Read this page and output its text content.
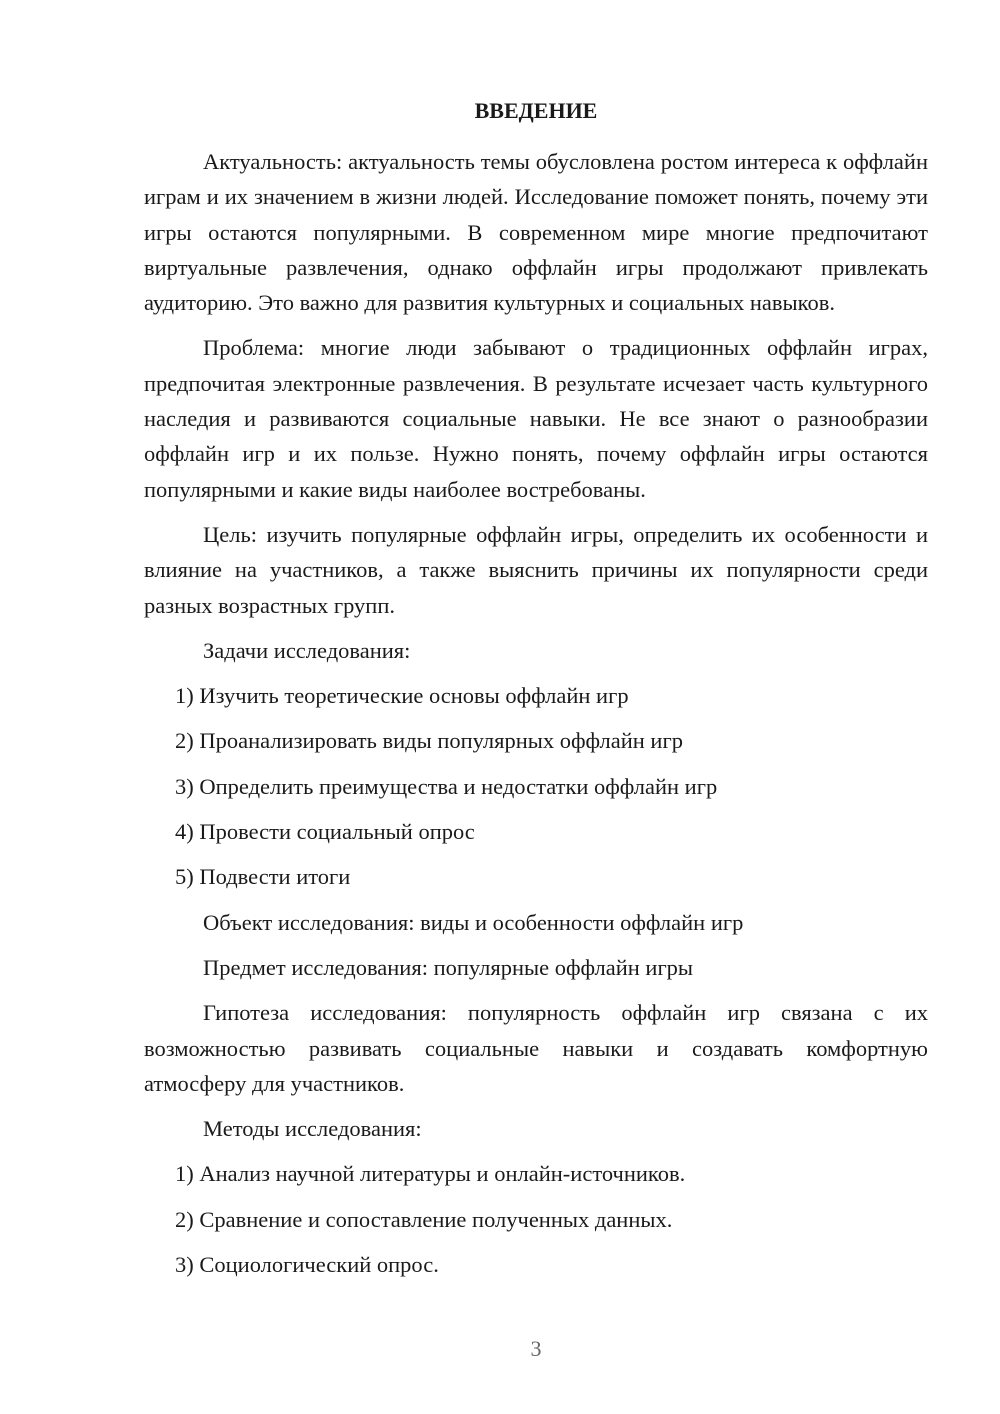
ВВЕДЕНИЕ

Актуальность: актуальность темы обусловлена ростом интереса к оффлайн играм и их значением в жизни людей. Исследование поможет понять, почему эти игры остаются популярными. В современном мире многие предпочитают виртуальные развлечения, однако оффлайн игры продолжают привлекать аудиторию. Это важно для развития культурных и социальных навыков.

Проблема: многие люди забывают о традиционных оффлайн играх, предпочитая электронные развлечения. В результате исчезает часть культурного наследия и развиваются социальные навыки. Не все знают о разнообразии оффлайн игр и их пользе. Нужно понять, почему оффлайн игры остаются популярными и какие виды наиболее востребованы.

Цель: изучить популярные оффлайн игры, определить их особенности и влияние на участников, а также выяснить причины их популярности среди разных возрастных групп.

Задачи исследования:

1) Изучить теоретические основы оффлайн игр
2) Проанализировать виды популярных оффлайн игр
3) Определить преимущества и недостатки оффлайн игр
4) Провести социальный опрос
5) Подвести итоги
Объект исследования: виды и особенности оффлайн игр
Предмет исследования: популярные оффлайн игры

Гипотеза исследования: популярность оффлайн игр связана с их возможностью развивать социальные навыки и создавать комфортную атмосферу для участников.

Методы исследования:

1) Анализ научной литературы и онлайн-источников.
2) Сравнение и сопоставление полученных данных.
3) Социологический опрос.
3
